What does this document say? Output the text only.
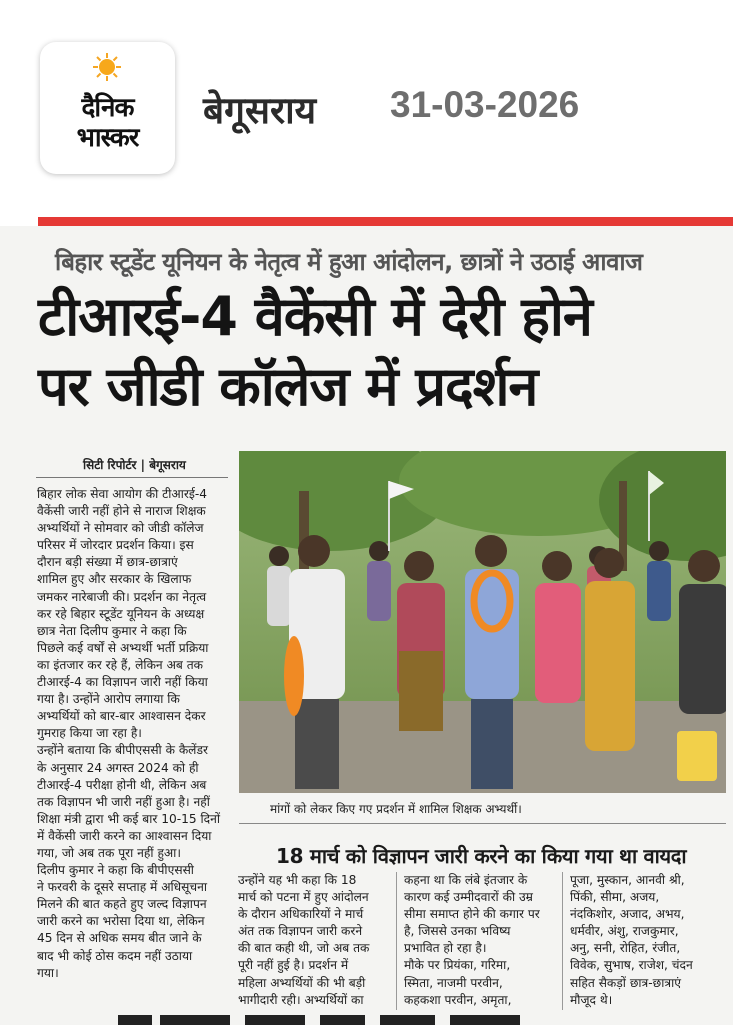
दैनिक
भास्कर
बेगूसराय 31-03-2026
बिहार स्टूडेंट यूनियन के नेतृत्व में हुआ आंदोलन, छात्रों ने उठाई आवाज
टीआरई-4 वैकेंसी में देरी होने
पर जीडी कॉलेज में प्रदर्शन
सिटी रिपोर्टर | बेगूसराय
बिहार लोक सेवा आयोग की टीआरई-4
वैकेंसी जारी नहीं होने से नाराज शिक्षक
अभ्यर्थियों ने सोमवार को जीडी कॉलेज
परिसर में जोरदार प्रदर्शन किया। इस
दौरान बड़ी संख्या में छात्र-छात्राएं
शामिल हुए और सरकार के खिलाफ
जमकर नारेबाजी की। प्रदर्शन का नेतृत्व
कर रहे बिहार स्टूडेंट यूनियन के अध्यक्ष
छात्र नेता दिलीप कुमार ने कहा कि
पिछले कई वर्षों से अभ्यर्थी भर्ती प्रक्रिया
का इंतजार कर रहे हैं, लेकिन अब तक
टीआरई-4 का विज्ञापन जारी नहीं किया
गया है। उन्होंने आरोप लगाया कि
अभ्यर्थियों को बार-बार आश्वासन देकर
गुमराह किया जा रहा है।
उन्होंने बताया कि बीपीएससी के कैलेंडर
के अनुसार 24 अगस्त 2024 को ही
टीआरई-4 परीक्षा होनी थी, लेकिन अब
तक विज्ञापन भी जारी नहीं हुआ है। नहीं
शिक्षा मंत्री द्वारा भी कई बार 10-15 दिनों
में वैकेंसी जारी करने का आश्वासन दिया
गया, जो अब तक पूरा नहीं हुआ।
दिलीप कुमार ने कहा कि बीपीएससी
ने फरवरी के दूसरे सप्ताह में अधिसूचना
मिलने की बात कहते हुए जल्द विज्ञापन
जारी करने का भरोसा दिया था, लेकिन
45 दिन से अधिक समय बीत जाने के
बाद भी कोई ठोस कदम नहीं उठाया
गया।
मांगों को लेकर किए गए प्रदर्शन में शामिल शिक्षक अभ्यर्थी।
18 मार्च को विज्ञापन जारी करने का किया गया था वायदा
उन्होंने यह भी कहा कि 18
मार्च को पटना में हुए आंदोलन
के दौरान अधिकारियों ने मार्च
अंत तक विज्ञापन जारी करने
की बात कही थी, जो अब तक
पूरी नहीं हुई है। प्रदर्शन में
महिला अभ्यर्थियों की भी बड़ी
भागीदारी रही। अभ्यर्थियों का
कहना था कि लंबे इंतजार के
कारण कई उम्मीदवारों की उम्र
सीमा समाप्त होने की कगार पर
है, जिससे उनका भविष्य
प्रभावित हो रहा है।
मौके पर प्रियंका, गरिमा,
स्मिता, नाजमी परवीन,
कहकशा परवीन, अमृता,
पूजा, मुस्कान, आनवी श्री,
पिंकी, सीमा, अजय,
नंदकिशोर, अजाद, अभय,
धर्मवीर, अंशु, राजकुमार,
अनु, सनी, रोहित, रंजीत,
विवेक, सुभाष, राजेश, चंदन
सहित सैकड़ों छात्र-छात्राएं
मौजूद थे।
